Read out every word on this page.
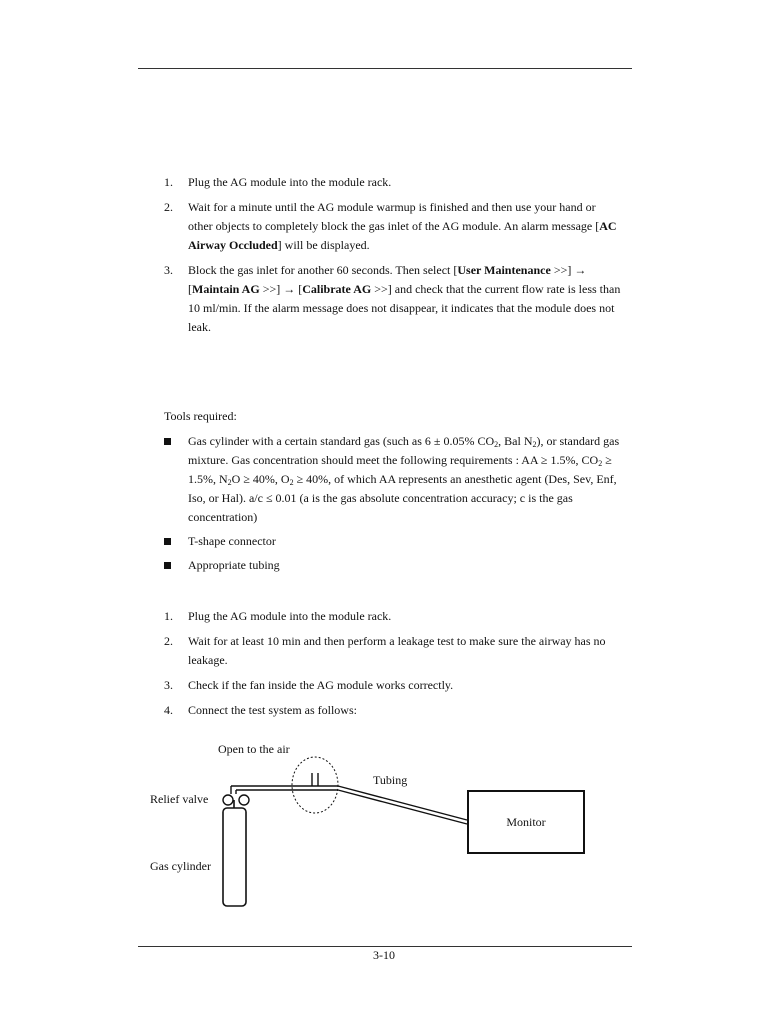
1. Plug the AG module into the module rack.
2. Wait for a minute until the AG module warmup is finished and then use your hand or other objects to completely block the gas inlet of the AG module. An alarm message [AC Airway Occluded] will be displayed.
3. Block the gas inlet for another 60 seconds. Then select [User Maintenance >>] → [Maintain AG >>] → [Calibrate AG >>] and check that the current flow rate is less than 10 ml/min. If the alarm message does not disappear, it indicates that the module does not leak.
Tools required:
Gas cylinder with a certain standard gas (such as 6 ± 0.05% $CO_2$, Bal $N_2$), or standard gas mixture. Gas concentration should meet the following requirements : AA ≥ 1.5%, $CO_2 \ge 1.5\%$, $N_2O \ge 40\%$, $O_2 \ge 40\%$, of which AA represents an anesthetic agent (Des, Sev, Enf, Iso, or Hal). a/c ≤ 0.01 (a is the gas absolute concentration accuracy; c is the gas concentration)
T-shape connector
Appropriate tubing
1. Plug the AG module into the module rack.
2. Wait for at least 10 min and then perform a leakage test to make sure the airway has no leakage.
3. Check if the fan inside the AG module works correctly.
4. Connect the test system as follows:
Open to the air
Tubing
Relief valve
Monitor
Gas cylinder
3-10
